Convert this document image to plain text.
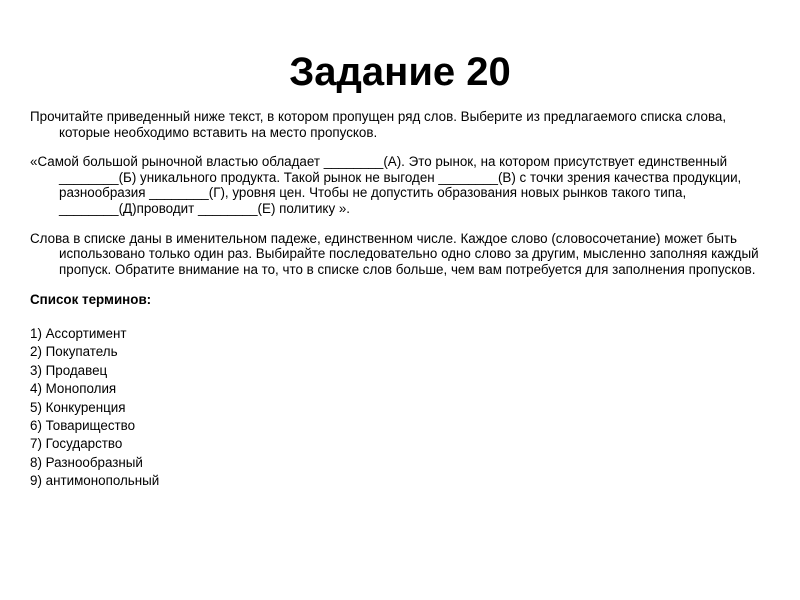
Задание 20

Прочитайте приведенный ниже текст, в котором пропущен ряд слов. Выберите из предлагаемого списка слова, которые необходимо вставить на место пропусков.

«Самой большой рыночной властью обладает ________(А). Это рынок, на котором присутствует единственный ________(Б) уникального продукта. Такой рынок не выгоден ________(В) с точки зрения качества продукции, разнообразия ________(Г), уровня цен. Чтобы не допустить образования новых рынков такого типа, ________(Д)проводит ________(Е) политику ».

Слова в списке даны в именительном падеже, единственном числе. Каждое слово (словосочетание) может быть использовано только один раз. Выбирайте последовательно одно слово за другим, мысленно заполняя каждый пропуск. Обратите внимание на то, что в списке слов больше, чем вам потребуется для заполнения пропусков.

Список терминов:

1) Ассортимент
2) Покупатель
3) Продавец
4) Монополия
5) Конкуренция
6) Товарищество
7) Государство
8) Разнообразный
9) антимонопольный
